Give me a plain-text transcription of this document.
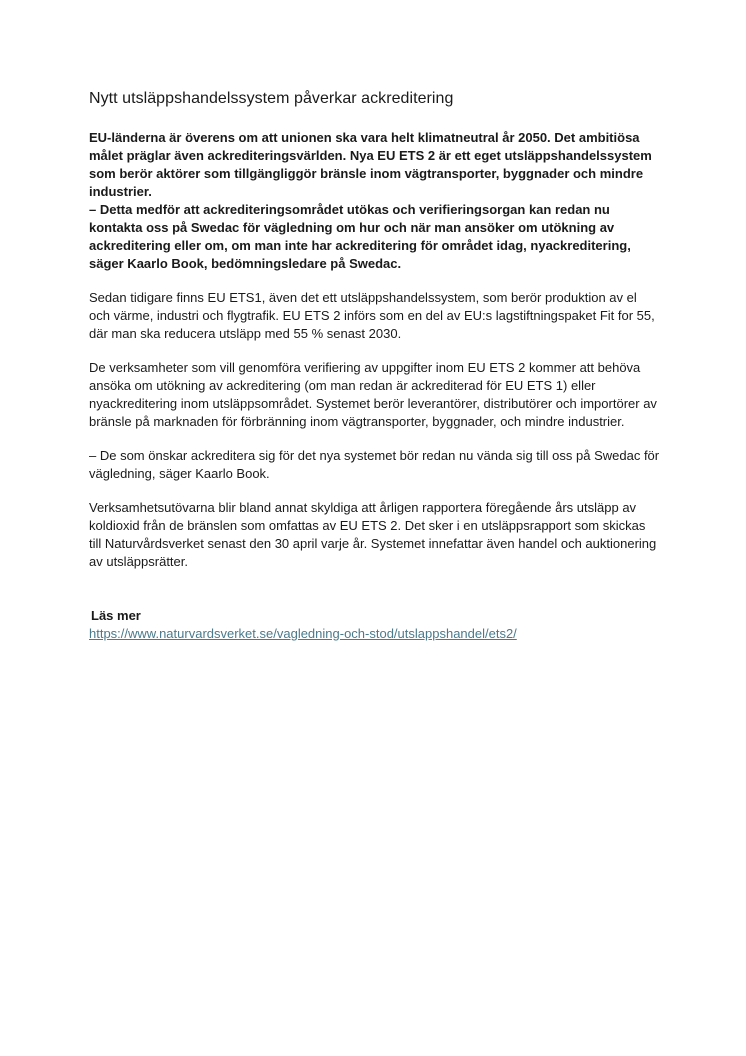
Nytt utsläppshandelssystem påverkar ackreditering

EU-länderna är överens om att unionen ska vara helt klimatneutral år 2050. Det ambitiösa målet präglar även ackrediteringsvärlden. Nya EU ETS 2 är ett eget utsläppshandelssystem som berör aktörer som tillgängliggör bränsle inom vägtransporter, byggnader och mindre industrier.

– Detta medför att ackrediteringsområdet utökas och verifieringsorgan kan redan nu kontakta oss på Swedac för vägledning om hur och när man ansöker om utökning av ackreditering eller om, om man inte har ackreditering för området idag, nyackreditering, säger Kaarlo Book, bedömningsledare på Swedac.

Sedan tidigare finns EU ETS1, även det ett utsläppshandelssystem, som berör produktion av el och värme, industri och flygtrafik. EU ETS 2 införs som en del av EU:s lagstiftningspaket Fit for 55, där man ska reducera utsläpp med 55 % senast 2030.

De verksamheter som vill genomföra verifiering av uppgifter inom EU ETS 2 kommer att behöva ansöka om utökning av ackreditering (om man redan är ackrediterad för EU ETS 1) eller nyackreditering inom utsläppsområdet. Systemet berör leverantörer, distributörer och importörer av bränsle på marknaden för förbränning inom vägtransporter, byggnader, och mindre industrier.

– De som önskar ackreditera sig för det nya systemet bör redan nu vända sig till oss på Swedac för vägledning, säger Kaarlo Book.

Verksamhetsutövarna blir bland annat skyldiga att årligen rapportera föregående års utsläpp av koldioxid från de bränslen som omfattas av EU ETS 2. Det sker i en utsläppsrapport som skickas till Naturvårdsverket senast den 30 april varje år. Systemet innefattar även handel och auktionering av utsläppsrätter.

Läs mer

https://www.naturvardsverket.se/vagledning-och-stod/utslappshandel/ets2/
